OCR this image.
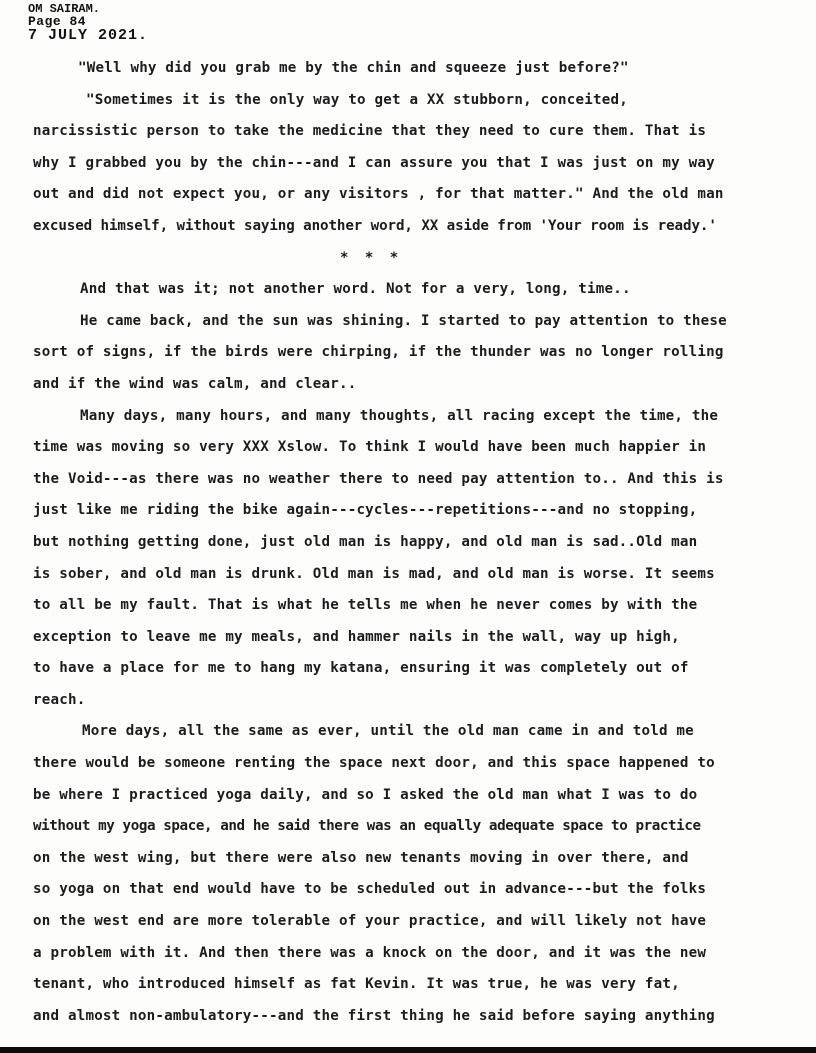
OM SAIRAM.
Page 84
7 JULY 2021.
"Well why did you grab me by the chin and squeeze just before?"
"Sometimes it is the only way to get a XX stubborn, conceited,
narcissistic person to take the medicine that they need to cure them. That is
why I grabbed you by the chin---and I can assure you that I was just on my way
out and did not expect you, or any visitors , for that matter." And the old man
excused himself, without saying another word, XX aside from 'Your room is ready.'
* * *
And that was it; not another word. Not for a very, long, time..
He came back, and the sun was shining. I started to pay attention to these
sort of signs, if the birds were chirping, if the thunder was no longer rolling
and if the wind was calm, and clear..
Many days, many hours, and many thoughts, all racing except the time, the
time was moving so very XXX Xslow. To think I would have been much happier in
the Void---as there was no weather there to need pay attention to.. And this is
just like me riding the bike again---cycles---repetitions---and no stopping,
but nothing getting done, just old man is happy, and old man is sad..Old man
is sober, and old man is drunk. Old man is mad, and old man is worse. It seems
to all be my fault. That is what he tells me when he never comes by with the
exception to leave me my meals, and hammer nails in the wall, way up high,
to have a place for me to hang my katana, ensuring it was completely out of
reach.
More days, all the same as ever, until the old man came in and told me
there would be someone renting the space next door, and this space happened to
be where I practiced yoga daily, and so I asked the old man what I was to do
without my yoga space, and he said there was an equally adequate space to practice
on the west wing, but there were also new tenants moving in over there, and
so yoga on that end would have to be scheduled out in advance---but the folks
on the west end are more tolerable of your practice, and will likely not have
a problem with it. And then there was a knock on the door, and it was the new
tenant, who introduced himself as fat Kevin. It was true, he was very fat,
and almost non-ambulatory---and the first thing he said before saying anything
